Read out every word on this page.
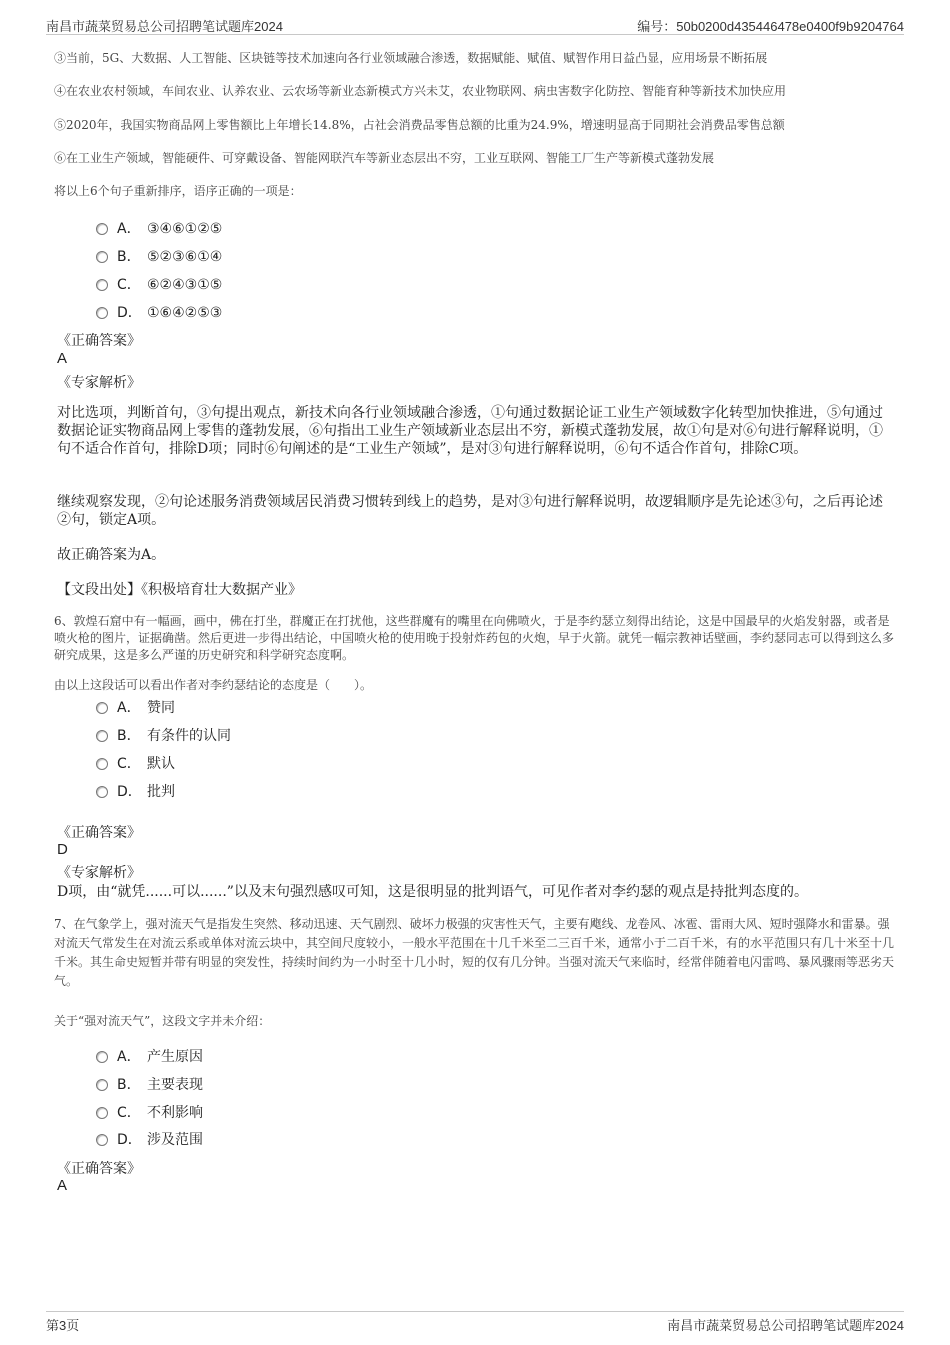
南昌市蔬菜贸易总公司招聘笔试题库2024	编号：50b0200d435446478e0400f9b9204764
③当前，5G、大数据、人工智能、区块链等技术加速向各行业领域融合渗透，数据赋能、赋值、赋智作用日益凸显，应用场景不断拓展
④在农业农村领域，车间农业、认养农业、云农场等新业态新模式方兴未艾，农业物联网、病虫害数字化防控、智能育种等新技术加快应用
⑤2020年，我国实物商品网上零售额比上年增长14.8%，占社会消费品零售总额的比重为24.9%，增速明显高于同期社会消费品零售总额
⑥在工业生产领域，智能硬件、可穿戴设备、智能网联汽车等新业态层出不穷，工业互联网、智能工厂生产等新模式蓬勃发展
将以上6个句子重新排序，语序正确的一项是：
A． ③④⑥①②⑤
B． ⑤②③⑥①④
C． ⑥②④③①⑤
D． ①⑥④②⑤③
《正确答案》
A
《专家解析》
对比选项，判断首句，③句提出观点，新技术向各行业领域融合渗透，①句通过数据论证工业生产领域数字化转型加快推进，⑤句通过数据论证实物商品网上零售的蓬勃发展，⑥句指出工业生产领域新业态层出不穷，新模式蓬勃发展，故①句是对⑥句进行解释说明，①句不适合作首句，排除D项；同时⑥句阐述的是“工业生产领域”，是对③句进行解释说明，⑥句不适合作首句，排除C项。
继续观察发现，②句论述服务消费领域居民消费习惯转到线上的趋势，是对③句进行解释说明，故逻辑顺序是先论述③句，之后再论述②句，锁定A项。
故正确答案为A。
【文段出处】《积极培育壮大数据产业》
6、敦煌石窟中有一幅画，画中，佛在打坐，群魔正在打扰他，这些群魔有的嘴里在向佛喷火，于是李约瑟立刻得出结论，这是中国最早的火焰发射器，或者是喷火枪的图片，证据确凿。然后更进一步得出结论，中国喷火枪的使用晚于投射炸药包的火炮，早于火箭。就凭一幅宗教神话壁画，李约瑟同志可以得到这么多研究成果，这是多么严谨的历史研究和科学研究态度啊。
由以上这段话可以看出作者对李约瑟结论的态度是（　　）。
A． 赞同
B． 有条件的认同
C． 默认
D． 批判
《正确答案》
D
《专家解析》
D项，由“就凭......可以......”以及末句强烈感叹可知，这是很明显的批判语气，可见作者对李约瑟的观点是持批判态度的。
7、在气象学上，强对流天气是指发生突然、移动迅速、天气剧烈、破坏力极强的灾害性天气，主要有飑线、龙卷风、冰雹、雷雨大风、短时强降水和雷暴。强对流天气常发生在对流云系或单体对流云块中，其空间尺度较小，一般水平范围在十几千米至二三百千米，通常小于二百千米，有的水平范围只有几十米至十几千米。其生命史短暂并带有明显的突发性，持续时间约为一小时至十几小时，短的仅有几分钟。当强对流天气来临时，经常伴随着电闪雷鸣、暴风骤雨等恶劣天气。
关于“强对流天气”，这段文字并未介绍：
A． 产生原因
B． 主要表现
C． 不利影响
D． 涉及范围
《正确答案》
A
第3页	南昌市蔬菜贸易总公司招聘笔试题库2024
